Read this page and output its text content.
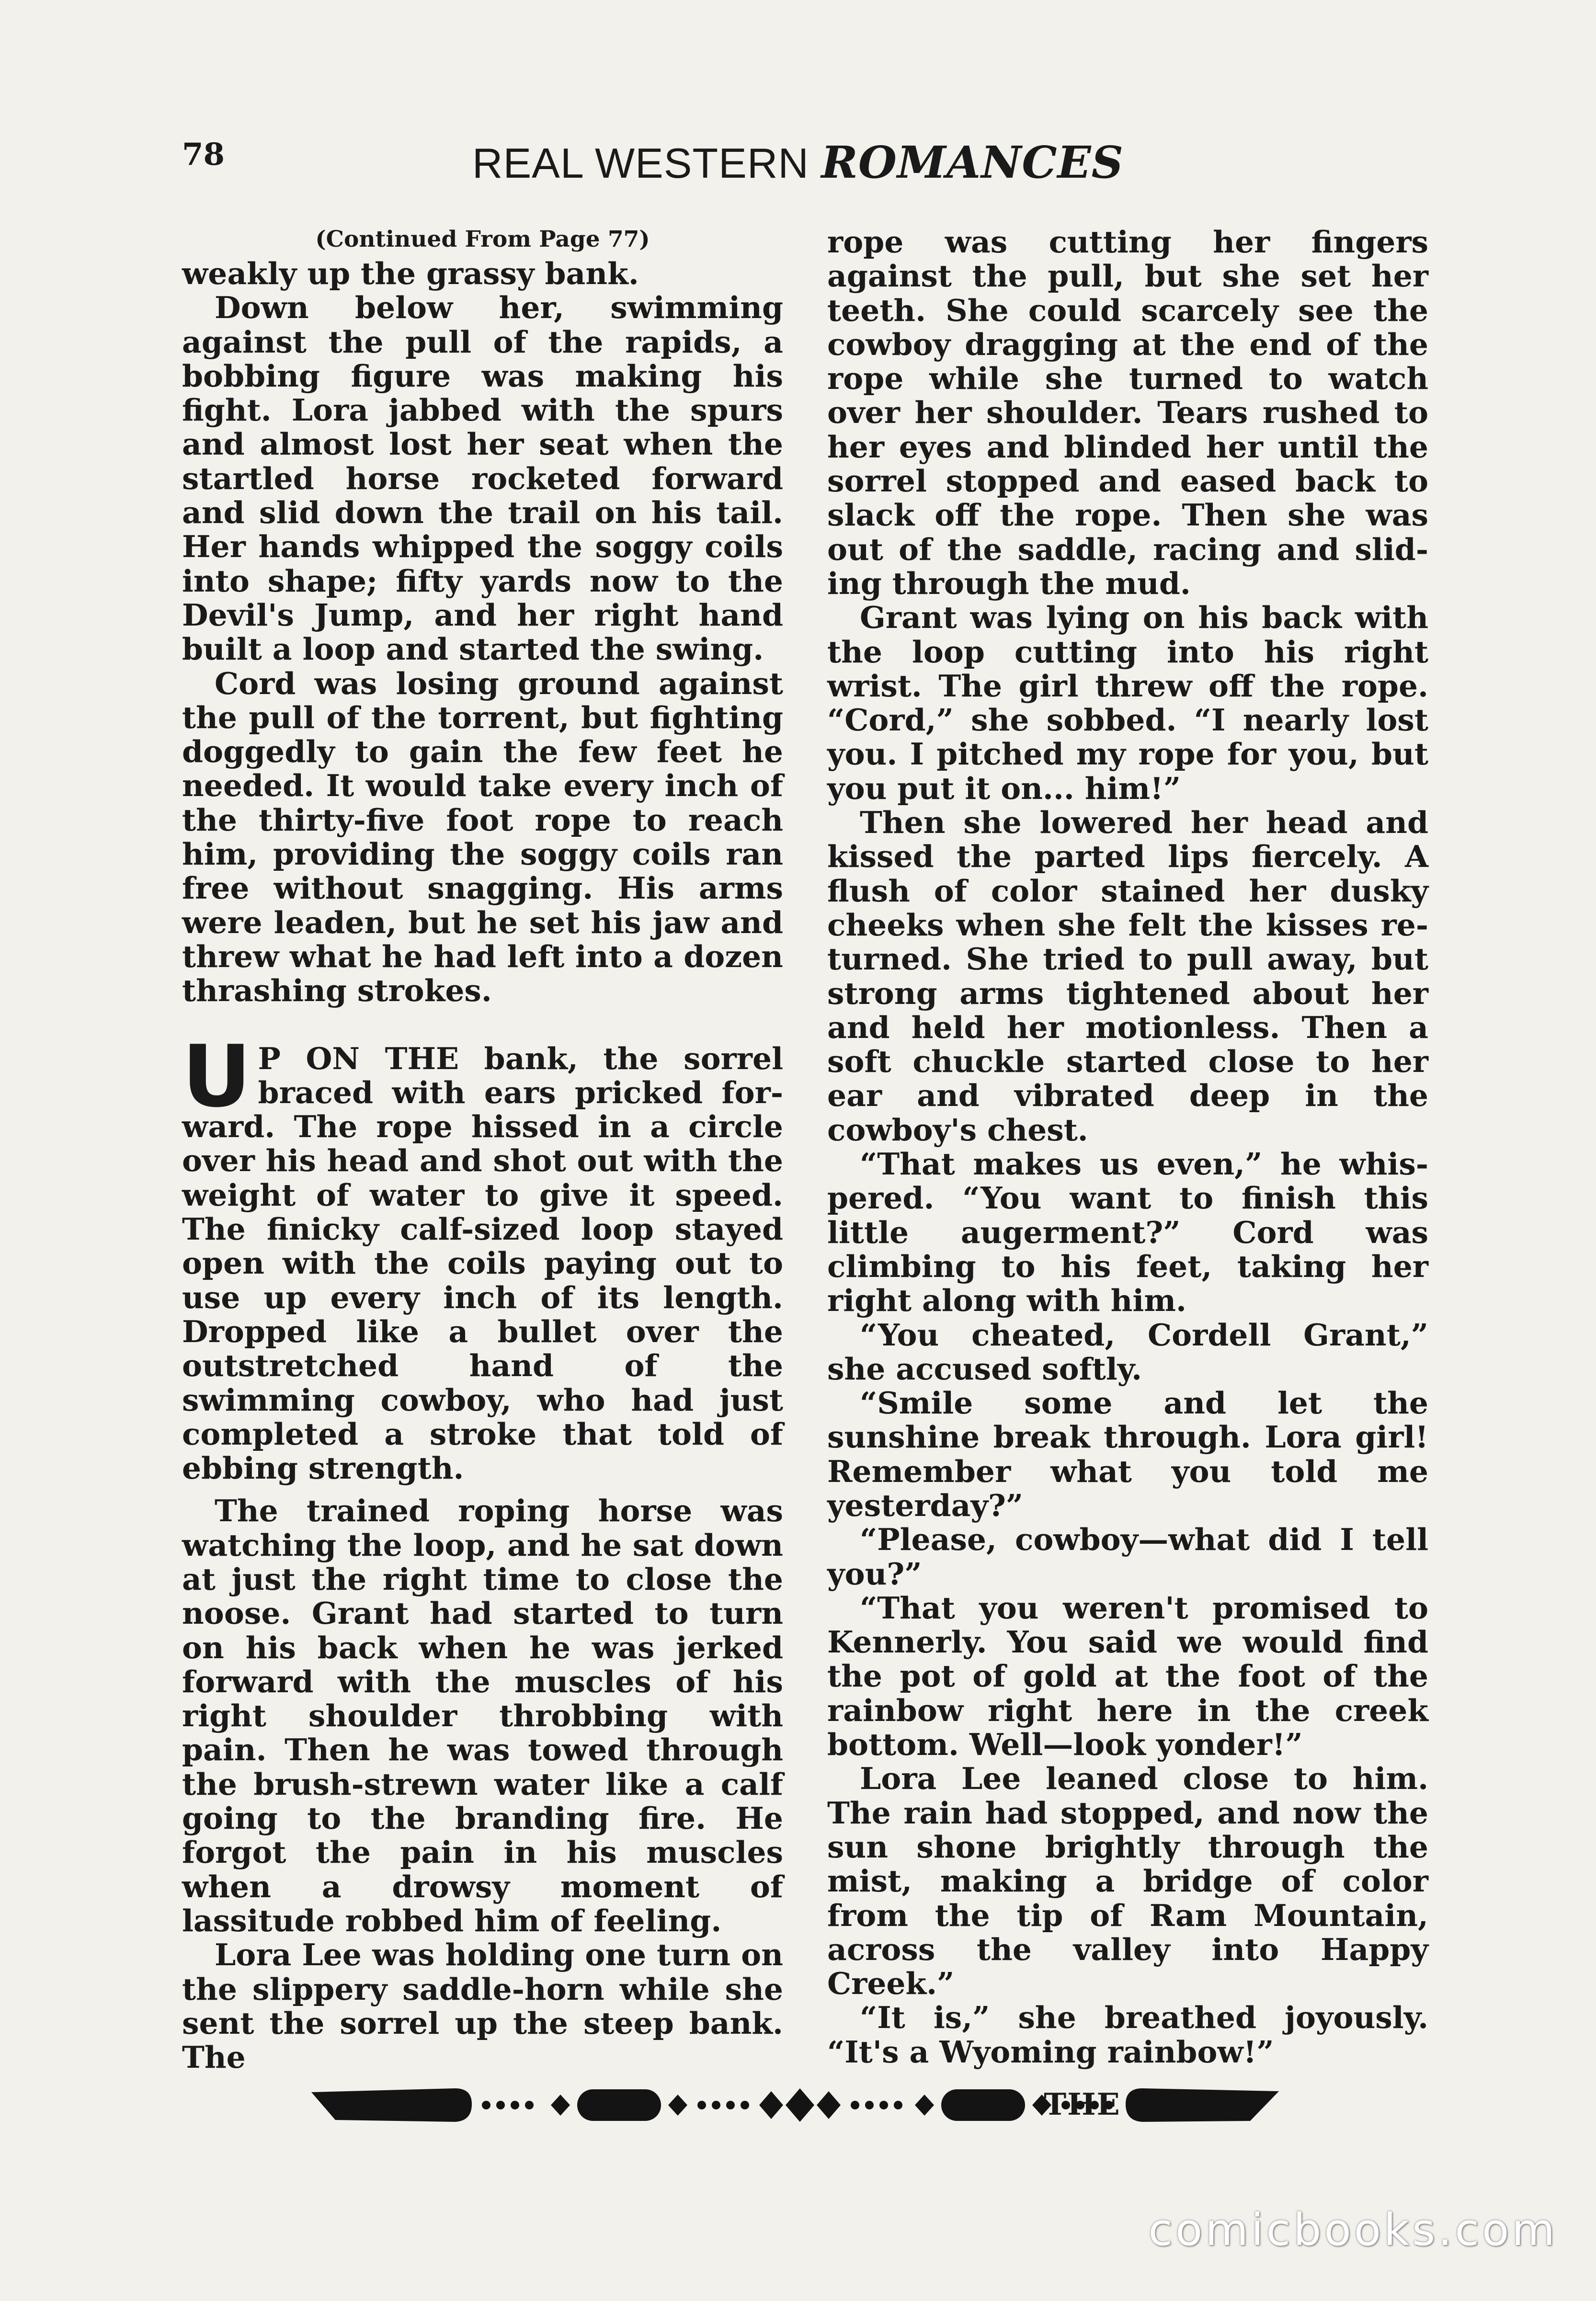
78	REAL WESTERN ROMANCES
(Continued From Page 77)

weakly up the grassy bank.

Down below her, swimming against the pull of the rapids, a bobbing figure was making his fight. Lora jabbed with the spurs and almost lost her seat when the startled horse rocketed forward and slid down the trail on his tail. Her hands whipped the soggy coils into shape; fifty yards now to the Devil's Jump, and her right hand built a loop and started the swing.

Cord was losing ground against the pull of the torrent, but fighting doggedly to gain the few feet he needed. It would take every inch of the thirty-five foot rope to reach him, providing the soggy coils ran free without snagging. His arms were leaden, but he set his jaw and threw what he had left into a dozen thrashing strokes.

U P ON THE bank, the sorrel braced with ears pricked forward. The rope hissed in a circle over his head and shot out with the weight of water to give it speed. The finicky calf-sized loop stayed open with the coils paying out to use up every inch of its length. Dropped like a bullet over the outstretched hand of the swimming cowboy, who had just completed a stroke that told of ebbing strength.

The trained roping horse was watching the loop, and he sat down at just the right time to close the noose. Grant had started to turn on his back when he was jerked forward with the muscles of his right shoulder throbbing with pain. Then he was towed through the brush-strewn water like a calf going to the branding fire. He forgot the pain in his muscles when a drowsy moment of lassitude robbed him of feeling.

Lora Lee was holding one turn on the slippery saddle-horn while she sent the sorrel up the steep bank. The

rope was cutting her fingers against the pull, but she set her teeth. She could scarcely see the cowboy dragging at the end of the rope while she turned to watch over her shoulder. Tears rushed to her eyes and blinded her until the sorrel stopped and eased back to slack off the rope. Then she was out of the saddle, racing and sliding through the mud.

Grant was lying on his back with the loop cutting into his right wrist. The girl threw off the rope. “Cord,” she sobbed. “I nearly lost you. I pitched my rope for you, but you put it on... him!”

Then she lowered her head and kissed the parted lips fiercely. A flush of color stained her dusky cheeks when she felt the kisses returned. She tried to pull away, but strong arms tightened about her and held her motionless. Then a soft chuckle started close to her ear and vibrated deep in the cowboy's chest.

“That makes us even,” he whispered. “You want to finish this little augerment?” Cord was climbing to his feet, taking her right along with him.

“You cheated, Cordell Grant,” she accused softly.

“Smile some and let the sunshine break through. Lora girl! Remember what you told me yesterday?”

“Please, cowboy—what did I tell you?”

“That you weren't promised to Kennerly. You said we would find the pot of gold at the foot of the rainbow right here in the creek bottom. Well—look yonder!”

Lora Lee leaned close to him. The rain had stopped, and now the sun shone brightly through the mist, making a bridge of color from the tip of Ram Mountain, across the valley into Happy Creek.”

“It is,” she breathed joyously. “It's a Wyoming rainbow!”

comicbooks.com
